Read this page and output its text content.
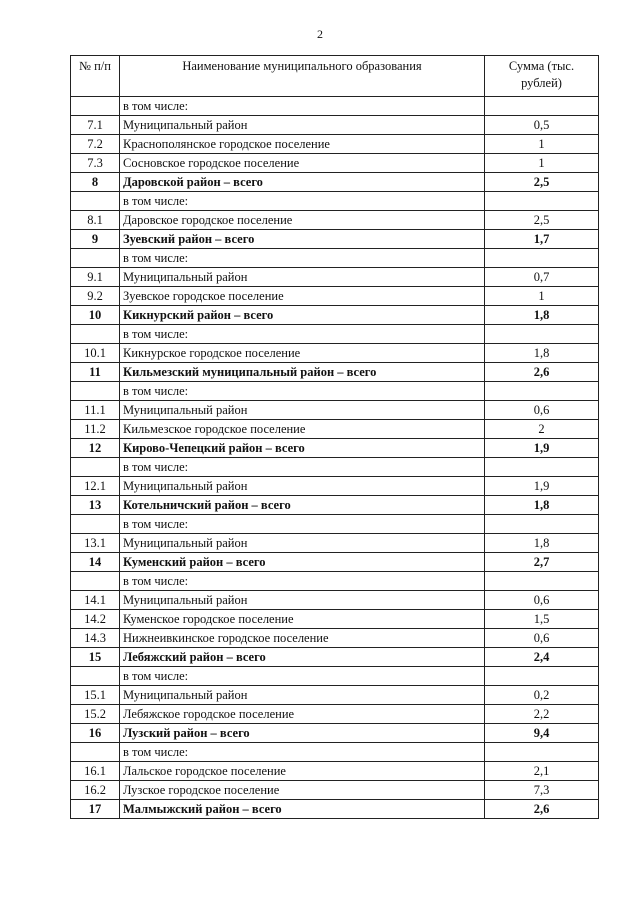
2
№ п/п	Наименование муниципального образования	Сумма (тыс. рублей)
	в том числе:	
7.1	Муниципальный район	0,5
7.2	Краснополянское городское поселение	1
7.3	Сосновское городское поселение	1
8	Даровской район – всего	2,5
	в том числе:	
8.1	Даровское городское поселение	2,5
9	Зуевский район – всего	1,7
	в том числе:	
9.1	Муниципальный район	0,7
9.2	Зуевское городское поселение	1
10	Кикнурский район – всего	1,8
	в том числе:	
10.1	Кикнурское городское поселение	1,8
11	Кильмезский муниципальный район – всего	2,6
	в том числе:	
11.1	Муниципальный район	0,6
11.2	Кильмезское городское поселение	2
12	Кирово-Чепецкий район – всего	1,9
	в том числе:	
12.1	Муниципальный район	1,9
13	Котельничский район – всего	1,8
	в том числе:	
13.1	Муниципальный район	1,8
14	Куменский район – всего	2,7
	в том числе:	
14.1	Муниципальный район	0,6
14.2	Куменское городское поселение	1,5
14.3	Нижнеивкинское городское поселение	0,6
15	Лебяжский район – всего	2,4
	в том числе:	
15.1	Муниципальный район	0,2
15.2	Лебяжское городское поселение	2,2
16	Лузский район – всего	9,4
	в том числе:	
16.1	Лальское городское поселение	2,1
16.2	Лузское городское поселение	7,3
17	Малмыжский район – всего	2,6
